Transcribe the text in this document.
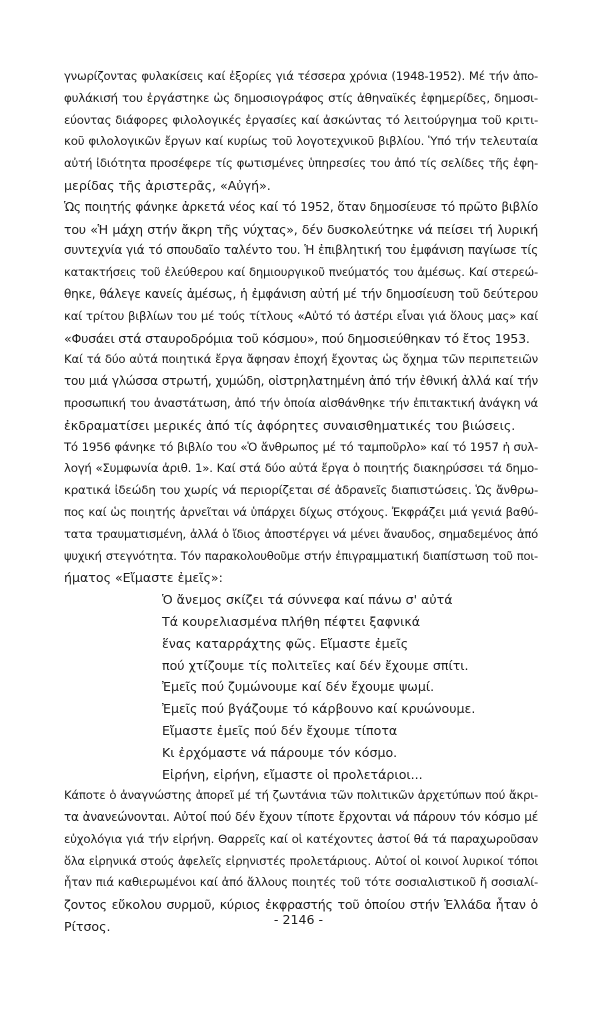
γνωρίζοντας φυλακίσεις καί ἐξορίες γιά τέσσερα χρόνια (1948-1952). Μέ τήν ἀπο-
φυλάκισή του ἐργάστηκε ὡς δημοσιογράφος στίς ἀθηναϊκές ἐφημερίδες, δημοσι-
εύοντας διάφορες φιλολογικές ἐργασίες καί ἀσκώντας τό λειτούργημα τοῦ κριτι-
κοῦ φιλολογικῶν ἔργων καί κυρίως τοῦ λογοτεχνικοῦ βιβλίου. Ὑπό τήν τελευταία
αὐτή ἰδιότητα προσέφερε τίς φωτισμένες ὑπηρεσίες του ἀπό τίς σελίδες τῆς ἐφη-
μερίδας τῆς ἀριστερᾶς, «Αὐγή».
Ὡς ποιητής φάνηκε ἀρκετά νέος καί τό 1952, ὅταν δημοσίευσε τό πρῶτο βιβλίο
του «Ἡ μάχη στήν ἄκρη τῆς νύχτας», δέν δυσκολεύτηκε νά πείσει τή λυρική
συντεχνία γιά τό σπουδαῖο ταλέντο του. Ἡ ἐπιβλητική του ἐμφάνιση παγίωσε τίς
κατακτήσεις τοῦ ἐλεύθερου καί δημιουργικοῦ πνεύματός του ἀμέσως. Καί στερεώ-
θηκε, θάλεγε κανείς ἀμέσως, ἡ ἐμφάνιση αὐτή μέ τήν δημοσίευση τοῦ δεύτερου
καί τρίτου βιβλίων του μέ τούς τίτλους «Αὐτό τό ἀστέρι εἶναι γιά ὅλους μας» καί
«Φυσάει στά σταυροδρόμια τοῦ κόσμου», πού δημοσιεύθηκαν τό ἔτος 1953.
Καί τά δύο αὐτά ποιητικά ἔργα ἄφησαν ἐποχή ἔχοντας ὡς ὄχημα τῶν περιπετειῶν
του μιά γλώσσα στρωτή, χυμώδη, οἰστρηλατημένη ἀπό τήν ἐθνική ἀλλά καί τήν
προσωπική του ἀναστάτωση, ἀπό τήν ὁποία αἰσθάνθηκε τήν ἐπιτακτική ἀνάγκη νά
ἐκδραματίσει μερικές ἀπό τίς ἀφόρητες συναισθηματικές του βιώσεις.
Τό 1956 φάνηκε τό βιβλίο του «Ὁ ἄνθρωπος μέ τό ταμποῦρλο» καί τό 1957 ἡ συλ-
λογή «Συμφωνία ἀριθ. 1». Καί στά δύο αὐτά ἔργα ὁ ποιητής διακηρύσσει τά δημο-
κρατικά ἰδεώδη του χωρίς νά περιορίζεται σέ ἀδρανεῖς διαπιστώσεις. Ὡς ἄνθρω-
πος καί ὡς ποιητής ἀρνεῖται νά ὑπάρχει δίχως στόχους. Ἐκφράζει μιά γενιά βαθύ-
τατα τραυματισμένη, ἀλλά ὁ ἴδιος ἀποστέργει νά μένει ἄναυδος, σημαδεμένος ἀπό
ψυχική στεγνότητα. Τόν παρακολουθοῦμε στήν ἐπιγραμματική διαπίστωση τοῦ ποι-
ήματος «Εἴμαστε ἐμεῖς»:
Ὁ ἄνεμος σκίζει τά σύννεφα καί πάνω σ' αὐτά
Τά κουρελιασμένα πλήθη πέφτει ξαφνικά
ἕνας καταρράχτης φῶς. Εἴμαστε ἐμεῖς
πού χτίζουμε τίς πολιτεῖες καί δέν ἔχουμε σπίτι.
Ἐμεῖς πού ζυμώνουμε καί δέν ἔχουμε ψωμί.
Ἐμεῖς πού βγάζουμε τό κάρβουνο καί κρυώνουμε.
Εἴμαστε ἐμεῖς πού δέν ἔχουμε τίποτα
Κι ἐρχόμαστε νά πάρουμε τόν κόσμο.
Εἰρήνη, εἰρήνη, εἴμαστε οἱ προλετάριοι...
Κάποτε ὁ ἀναγνώστης ἀπορεῖ μέ τή ζωντάνια τῶν πολιτικῶν ἀρχετύπων πού ἄκρι-
τα ἀνανεώνονται. Αὐτοί πού δέν ἔχουν τίποτε ἔρχονται νά πάρουν τόν κόσμο μέ
εὐχολόγια γιά τήν εἰρήνη. Θαρρεῖς καί οἱ κατέχοντες ἀστοί θά τά παραχωροῦσαν
ὅλα εἰρηνικά στούς ἀφελεῖς εἰρηνιστές προλετάριους. Αὐτοί οἱ κοινοί λυρικοί τόποι
ἦταν πιά καθιερωμένοι καί ἀπό ἄλλους ποιητές τοῦ τότε σοσιαλιστικοῦ ἤ σοσιαλί-
ζοντος εὔκολου συρμοῦ, κύριος ἐκφραστής τοῦ ὁποίου στήν Ἑλλάδα ἦταν ὁ
Ρίτσος.	- 2146 -
